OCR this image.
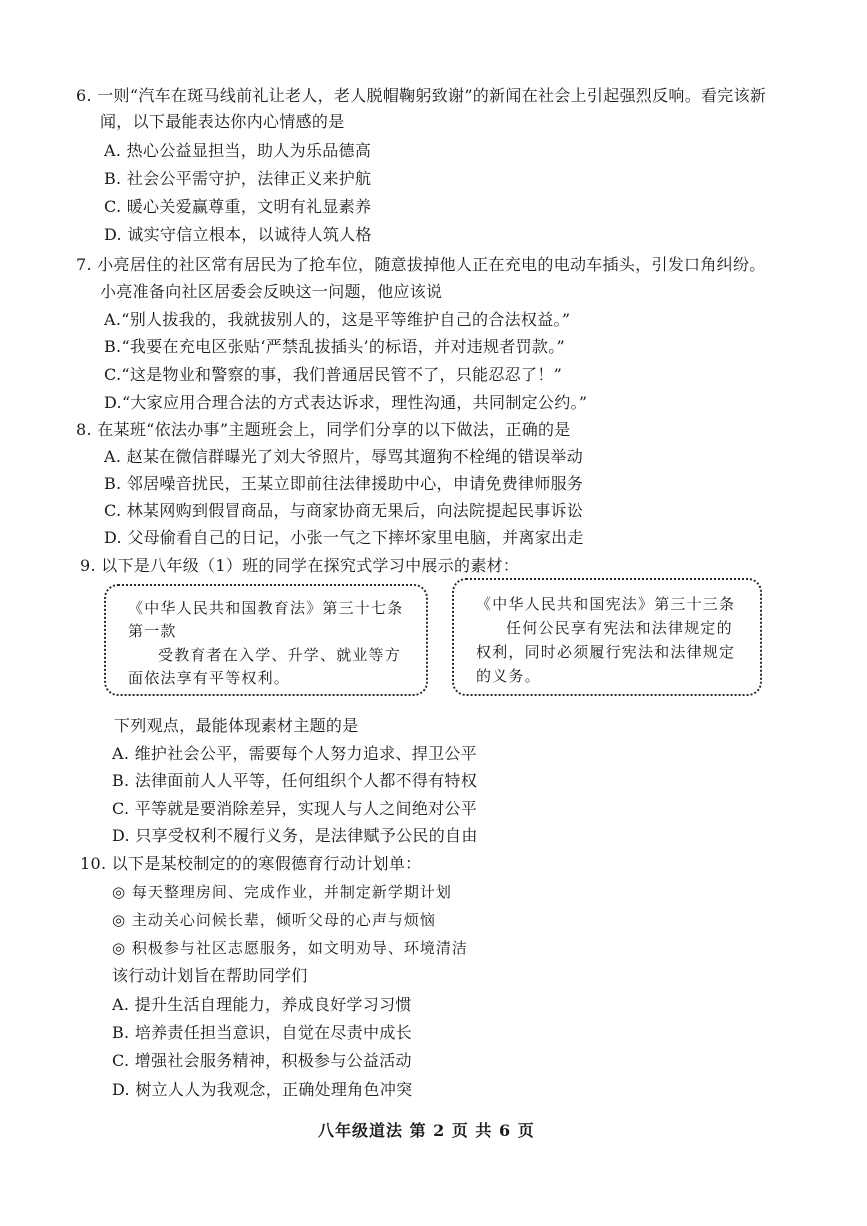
6. 一则“汽车在斑马线前礼让老人，老人脱帽鞠躬致谢”的新闻在社会上引起强烈反响。看完该新
闻，以下最能表达你内心情感的是
A. 热心公益显担当，助人为乐品德高
B. 社会公平需守护，法律正义来护航
C. 暖心关爱赢尊重，文明有礼显素养
D. 诚实守信立根本，以诚待人筑人格
7. 小亮居住的社区常有居民为了抢车位，随意拔掉他人正在充电的电动车插头，引发口角纠纷。
小亮准备向社区居委会反映这一问题，他应该说
A.“别人拔我的，我就拔别人的，这是平等维护自己的合法权益。”
B.“我要在充电区张贴‘严禁乱拔插头’的标语，并对违规者罚款。”
C.“这是物业和警察的事，我们普通居民管不了，只能忍忍了！”
D.“大家应用合理合法的方式表达诉求，理性沟通，共同制定公约。”
8. 在某班“依法办事”主题班会上，同学们分享的以下做法，正确的是
A. 赵某在微信群曝光了刘大爷照片，辱骂其遛狗不栓绳的错误举动
B. 邻居噪音扰民，王某立即前往法律援助中心，申请免费律师服务
C. 林某网购到假冒商品，与商家协商无果后，向法院提起民事诉讼
D. 父母偷看自己的日记，小张一气之下摔坏家里电脑，并离家出走
9. 以下是八年级（1）班的同学在探究式学习中展示的素材：
《中华人民共和国教育法》第三十七条
第一款
受教育者在入学、升学、就业等方
面依法享有平等权利。
《中华人民共和国宪法》第三十三条
任何公民享有宪法和法律规定的
权利，同时必须履行宪法和法律规定
的义务。
下列观点，最能体现素材主题的是
A. 维护社会公平，需要每个人努力追求、捍卫公平
B. 法律面前人人平等，任何组织个人都不得有特权
C. 平等就是要消除差异，实现人与人之间绝对公平
D. 只享受权利不履行义务，是法律赋予公民的自由
10. 以下是某校制定的的寒假德育行动计划单：
◎ 每天整理房间、完成作业，并制定新学期计划
◎ 主动关心问候长辈，倾听父母的心声与烦恼
◎ 积极参与社区志愿服务，如文明劝导、环境清洁
该行动计划旨在帮助同学们
A. 提升生活自理能力，养成良好学习习惯
B. 培养责任担当意识，自觉在尽责中成长
C. 增强社会服务精神，积极参与公益活动
D. 树立人人为我观念，正确处理角色冲突
八年级道法 第 2 页 共 6 页
